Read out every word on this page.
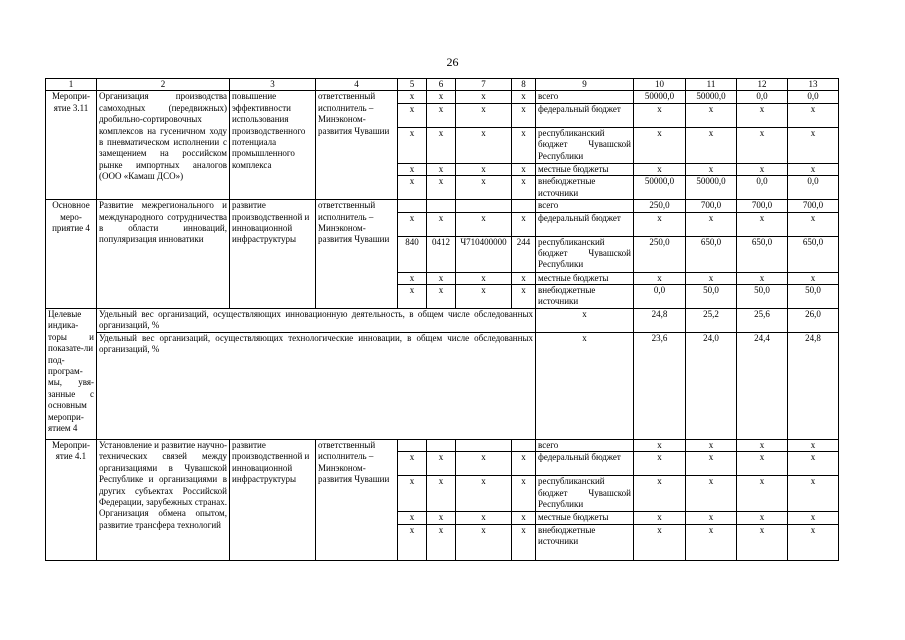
26
1	2	3	4	5	6	7	8	9	10	11	12	13
Меропри-ятие 3.11	Организация производства самоходных (передвижных) дробильно-сортировочных комплексов на гусеничном ходу в пневматическом исполнении с замещением на российском рынке импортных аналогов (ООО «Камаш ДСО»)	повышение эффективности использования производственного потенциала промышленного комплекса	ответственный исполнитель – Минэконом-развития Чувашии	x	x	x	x	всего	50000,0	50000,0	0,0	0,0
				x	x	x	x	федеральный бюджет	x	x	x	x
				x	x	x	x	республиканский бюджет Чувашской Республики	x	x	x	x
				x	x	x	x	местные бюджеты	x	x	x	x
				x	x	x	x	внебюджетные источники	50000,0	50000,0	0,0	0,0
Основное меро-приятие 4	Развитие межрегионального и международного сотрудничества в области инноваций, популяризация инноватики	развитие производственной и инновационной инфраструктуры	ответственный исполнитель – Минэконом-развития Чувашии					всего	250,0	700,0	700,0	700,0
				x	x	x	x	федеральный бюджет	x	x	x	x
				840	0412	Ч710400000	244	республиканский бюджет Чувашской Республики	250,0	650,0	650,0	650,0
				x	x	x	x	местные бюджеты	x	x	x	x
				x	x	x	x	внебюджетные источники	0,0	50,0	50,0	50,0
Целевые индика-торы и показате-ли под-програм-мы, увя-занные с основным меропри-ятием 4	Удельный вес организаций, осуществляющих инновационную деятельность, в общем числе обследованных организаций, %							x	24,8	25,2	25,6	26,0
	Удельный вес организаций, осуществляющих технологические инновации, в общем числе обследованных организаций, %							x	23,6	24,0	24,4	24,8
Меропри-ятие 4.1	Установление и развитие научно-технических связей между организациями в Чувашской Республике и организациями в других субъектах Российской Федерации, зарубежных странах. Организация обмена опытом, развитие трансфера технологий	развитие производственной и инновационной инфраструктуры	ответственный исполнитель – Минэконом-развития Чувашии					всего	x	x	x	x
				x	x	x	x	федеральный бюджет	x	x	x	x
				x	x	x	x	республиканский бюджет Чувашской Республики	x	x	x	x
				x	x	x	x	местные бюджеты	x	x	x	x
				x	x	x	x	внебюджетные источники	x	x	x	x
